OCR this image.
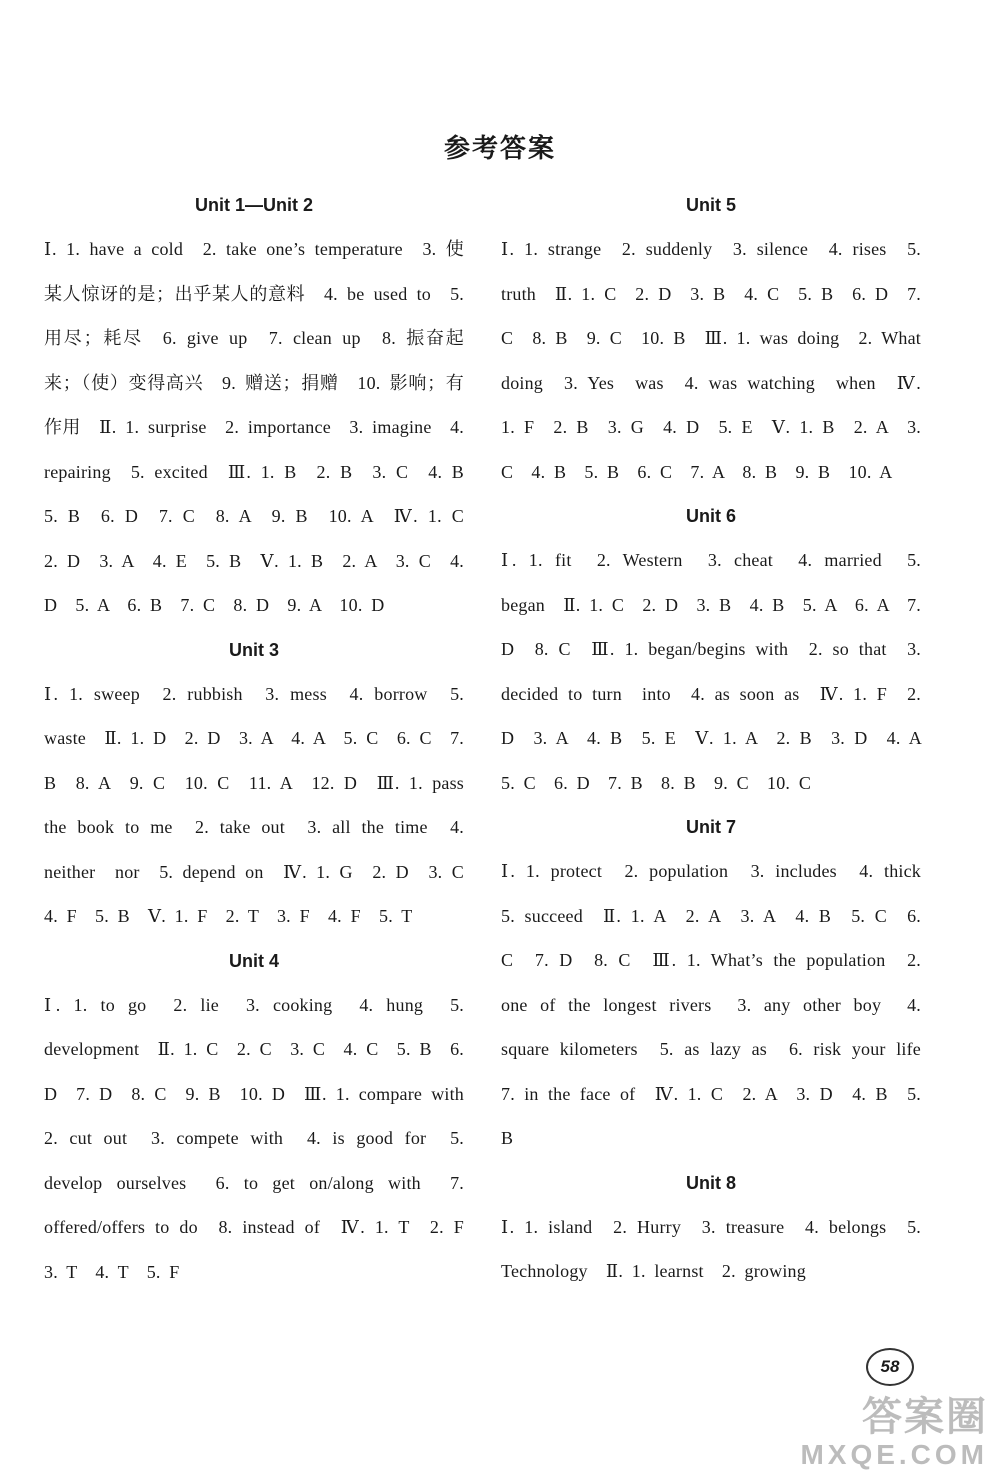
参考答案
Unit 1—Unit 2

Ⅰ. 1. have a cold　2. take one’s temperature　3. 使某人惊讶的是；出乎某人的意料　4. be used to　5. 用尽；耗尽　6. give up　7. clean up　8. 振奋起来；（使）变得高兴　9. 赠送；捐赠　10. 影响；有作用　Ⅱ. 1. surprise　2. importance　3. imagine　4. repairing　5. excited　Ⅲ. 1. B　2. B　3. C　4. B　5. B　6. D　7. C　8. A　9. B　10. A　Ⅳ. 1. C　2. D　3. A　4. E　5. B　Ⅴ. 1. B　2. A　3. C　4. D　5. A　6. B　7. C　8. D　9. A　10. D

Unit 3

Ⅰ. 1. sweep　2. rubbish　3. mess　4. borrow　5. waste　Ⅱ. 1. D　2. D　3. A　4. A　5. C　6. C　7. B　8. A　9. C　10. C　11. A　12. D　Ⅲ. 1. pass the book to me　2. take out　3. all the time　4. neither　nor　5. depend on　Ⅳ. 1. G　2. D　3. C　4. F　5. B　Ⅴ. 1. F　2. T　3. F　4. F　5. T

Unit 4

Ⅰ. 1. to go　2. lie　3. cooking　4. hung　5. development　Ⅱ. 1. C　2. C　3. C　4. C　5. B　6. D　7. D　8. C　9. B　10. D　Ⅲ. 1. compare with　2. cut out　3. compete with　4. is good for　5. develop ourselves　6. to get on/along with　7. offered/offers to do　8. instead of　Ⅳ. 1. T　2. F　3. T　4. T　5. F

Unit 5

Ⅰ. 1. strange　2. suddenly　3. silence　4. rises　5. truth　Ⅱ. 1. C　2. D　3. B　4. C　5. B　6. D　7. C　8. B　9. C　10. B　Ⅲ. 1. was doing　2. What　doing　3. Yes　was　4. was watching　when　Ⅳ. 1. F　2. B　3. G　4. D　5. E　Ⅴ. 1. B　2. A　3. C　4. B　5. B　6. C　7. A　8. B　9. B　10. A

Unit 6

Ⅰ. 1. fit　2. Western　3. cheat　4. married　5. began　Ⅱ. 1. C　2. D　3. B　4. B　5. A　6. A　7. D　8. C　Ⅲ. 1. began/begins with　2. so that　3. decided to turn　into　4. as soon as　Ⅳ. 1. F　2. D　3. A　4. B　5. E　Ⅴ. 1. A　2. B　3. D　4. A　5. C　6. D　7. B　8. B　9. C　10. C

Unit 7

Ⅰ. 1. protect　2. population　3. includes　4. thick　5. succeed　Ⅱ. 1. A　2. A　3. A　4. B　5. C　6. C　7. D　8. C　Ⅲ. 1. What’s the population　2. one of the longest rivers　3. any other boy　4. square kilometers　5. as lazy as　6. risk your life　7. in the face of　Ⅳ. 1. C　2. A　3. D　4. B　5. B

Unit 8

Ⅰ. 1. island　2. Hurry　3. treasure　4. belongs　5. Technology　Ⅱ. 1. learnst　2. growing

58
答案圈
MXQE.COM
